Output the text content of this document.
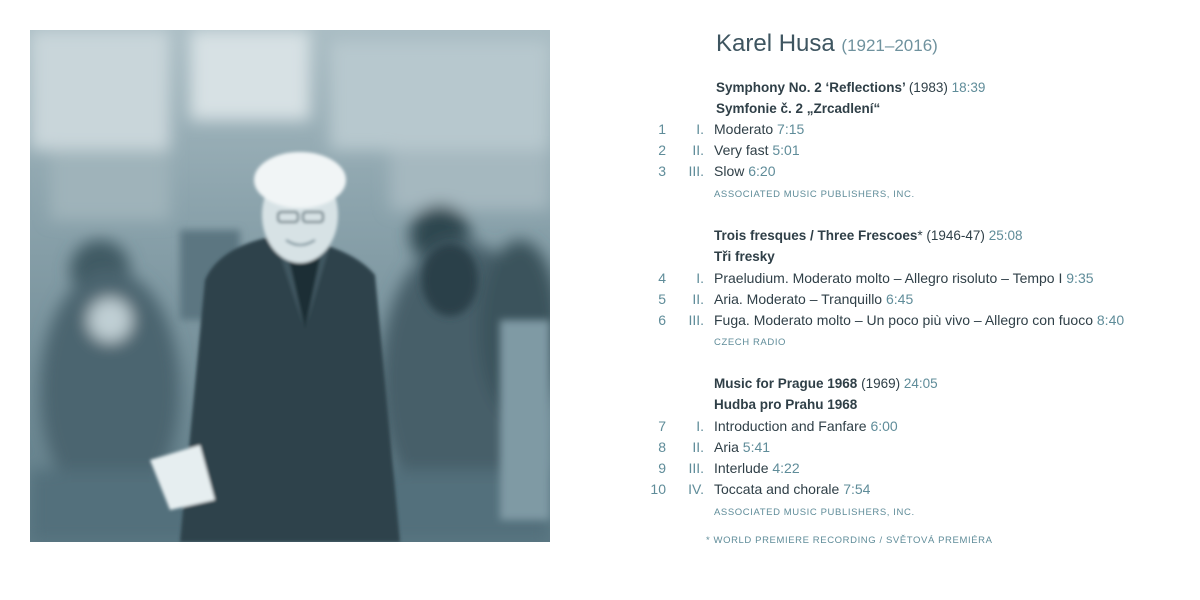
Karel Husa (1921–2016)
Symphony No. 2 ‘Reflections’ (1983) 18:39
Symfonie č. 2 „Zrcadlení“
1	I. Moderato 7:15
2	II. Very fast 5:01
3	III. Slow 6:20
ASSOCIATED MUSIC PUBLISHERS, INC.
Trois fresques / Three Frescoes* (1946-47) 25:08
Tři fresky
4	I. Praeludium. Moderato molto – Allegro risoluto – Tempo I 9:35
5	II. Aria. Moderato – Tranquillo 6:45
6	III. Fuga. Moderato molto – Un poco più vivo – Allegro con fuoco 8:40
CZECH RADIO
Music for Prague 1968 (1969) 24:05
Hudba pro Prahu 1968
7	I. Introduction and Fanfare 6:00
8	II. Aria 5:41
9	III. Interlude 4:22
10	IV. Toccata and chorale 7:54
ASSOCIATED MUSIC PUBLISHERS, INC.
* WORLD PREMIERE RECORDING / SVĚTOVÁ PREMIÉRA
